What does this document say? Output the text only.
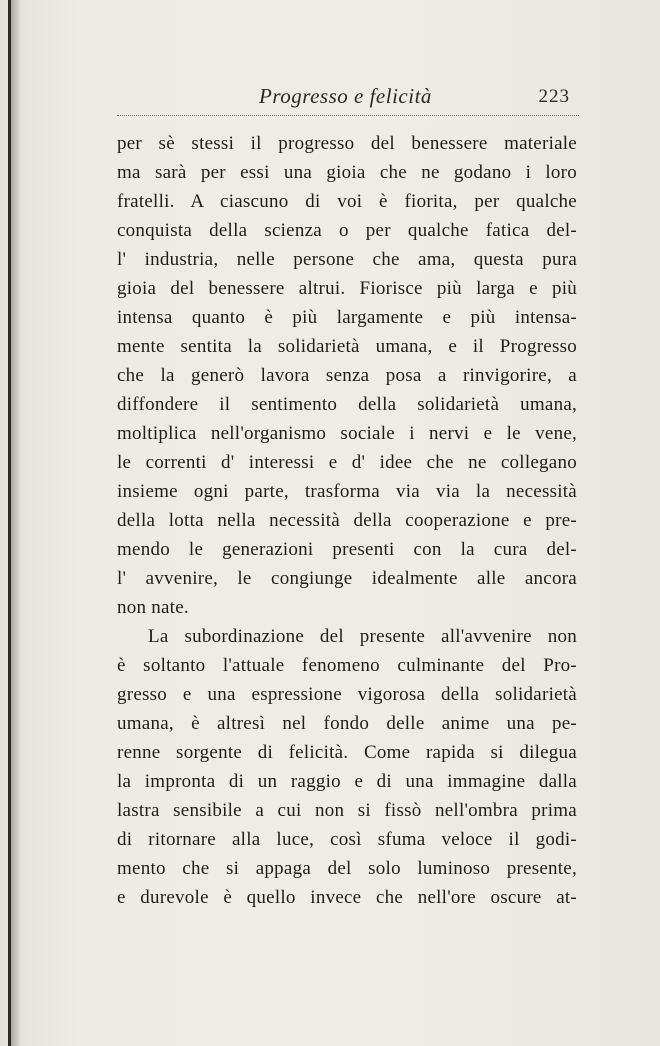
Progresso e felicità	223
per sè stessi il progresso del benessere materiale
ma sarà per essi una gioia che ne godano i loro
fratelli. A ciascuno di voi è fiorita, per qualche
conquista della scienza o per qualche fatica del-
l' industria, nelle persone che ama, questa pura
gioia del benessere altrui. Fiorisce più larga e più
intensa quanto è più largamente e più intensa-
mente sentita la solidarietà umana, e il Progresso
che la generò lavora senza posa a rinvigorire, a
diffondere il sentimento della solidarietà umana,
moltiplica nell'organismo sociale i nervi e le vene,
le correnti d' interessi e d' idee che ne collegano
insieme ogni parte, trasforma via via la necessità
della lotta nella necessità della cooperazione e pre-
mendo le generazioni presenti con la cura del-
l' avvenire, le congiunge idealmente alle ancora
non nate.
La subordinazione del presente all'avvenire non
è soltanto l'attuale fenomeno culminante del Pro-
gresso e una espressione vigorosa della solidarietà
umana, è altresì nel fondo delle anime una pe-
renne sorgente di felicità. Come rapida si dilegua
la impronta di un raggio e di una immagine dalla
lastra sensibile a cui non si fissò nell'ombra prima
di ritornare alla luce, così sfuma veloce il godi-
mento che si appaga del solo luminoso presente,
e durevole è quello invece che nell'ore oscure at-
